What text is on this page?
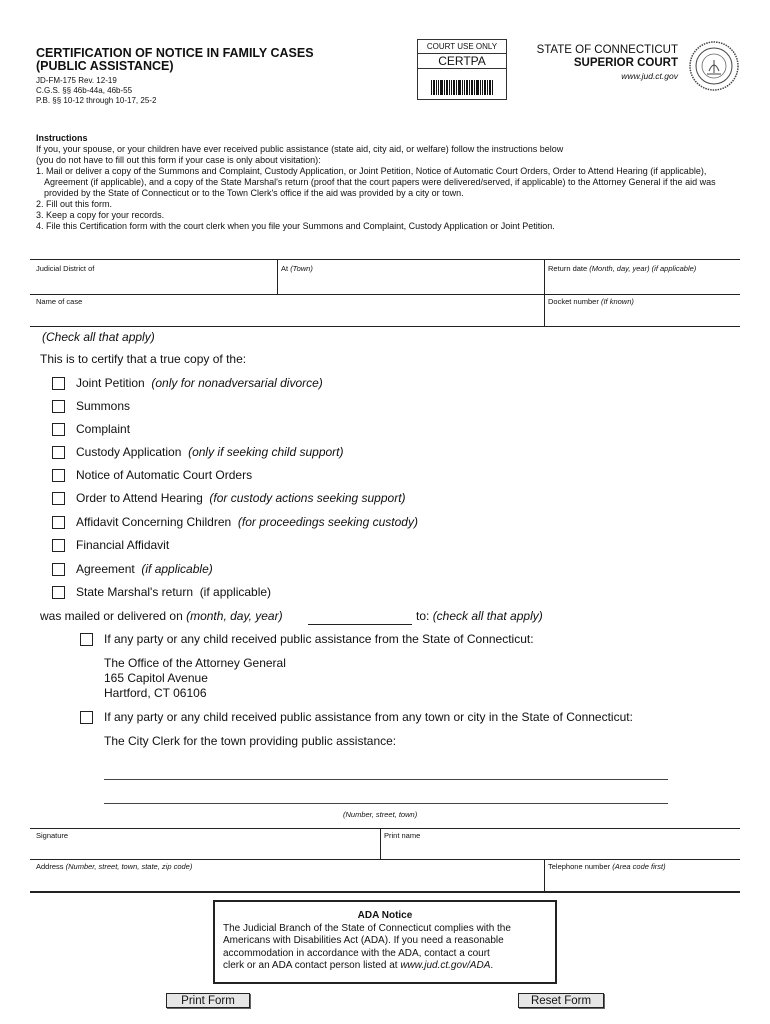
CERTIFICATION OF NOTICE IN FAMILY CASES
(PUBLIC ASSISTANCE)
JD-FM-175 Rev. 12-19
C.G.S. §§ 46b-44a, 46b-55
P.B. §§ 10-12 through 10-17, 25-2
COURT USE ONLY
CERTPA
STATE OF CONNECTICUT
SUPERIOR COURT
www.jud.ct.gov
Instructions
If you, your spouse, or your children have ever received public assistance (state aid, city aid, or welfare) follow the instructions below
(you do not have to fill out this form if your case is only about visitation):
1. Mail or deliver a copy of the Summons and Complaint, Custody Application, or Joint Petition, Notice of Automatic Court Orders, Order to Attend Hearing (if applicable), Agreement (if applicable), and a copy of the State Marshal's return (proof that the court papers were delivered/served, if applicable) to the Attorney General if the aid was provided by the State of Connecticut or to the Town Clerk's office if the aid was provided by a city or town.
2. Fill out this form.
3. Keep a copy for your records.
4. File this Certification form with the court clerk when you file your Summons and Complaint, Custody Application or Joint Petition.
Judicial District of	At (Town)	Return date (Month, day, year) (if applicable)
Name of case	Docket number (If known)
(Check all that apply)
This is to certify that a true copy of the:
Joint Petition (only for nonadversarial divorce)
Summons
Complaint
Custody Application (only if seeking child support)
Notice of Automatic Court Orders
Order to Attend Hearing (for custody actions seeking support)
Affidavit Concerning Children (for proceedings seeking custody)
Financial Affidavit
Agreement (if applicable)
State Marshal's return (if applicable)
was mailed or delivered on (month, day, year)	to: (check all that apply)
If any party or any child received public assistance from the State of Connecticut:
The Office of the Attorney General
165 Capitol Avenue
Hartford, CT 06106
If any party or any child received public assistance from any town or city in the State of Connecticut:
The City Clerk for the town providing public assistance:
(Number, street, town)
Signature	Print name
Address (Number, street, town, state, zip code)	Telephone number (Area code first)
ADA Notice
The Judicial Branch of the State of Connecticut complies with the
Americans with Disabilities Act (ADA). If you need a reasonable
accommodation in accordance with the ADA, contact a court
clerk or an ADA contact person listed at www.jud.ct.gov/ADA.
Print Form	Reset Form
